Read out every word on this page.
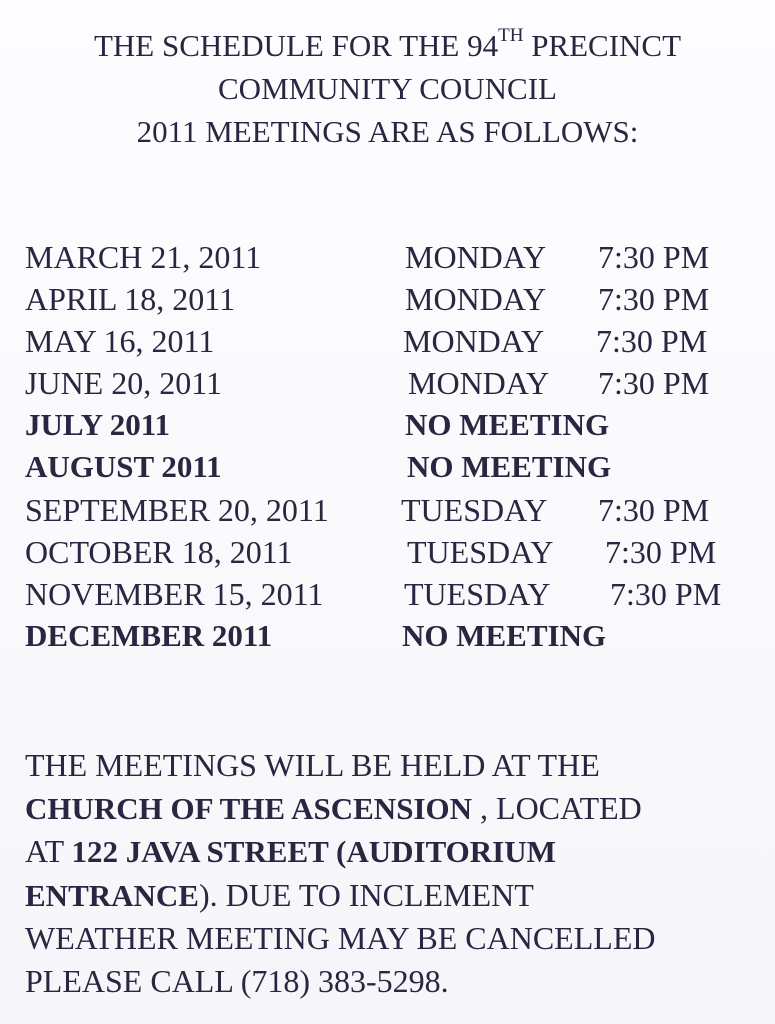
THE SCHEDULE FOR THE 94TH PRECINCT
COMMUNITY COUNCIL
2011 MEETINGS ARE AS FOLLOWS:
MARCH 21, 2011	MONDAY 7:30 PM
APRIL 18, 2011	MONDAY 7:30 PM
MAY 16, 2011	MONDAY 7:30 PM
JUNE 20, 2011	MONDAY 7:30 PM
JULY 2011	NO MEETING
AUGUST 2011	NO MEETING
SEPTEMBER 20, 2011 TUESDAY 7:30 PM
OCTOBER 18, 2011	TUESDAY 7:30 PM
NOVEMBER 15, 2011	TUESDAY 7:30 PM
DECEMBER 2011	NO MEETING
THE MEETINGS WILL BE HELD AT THE
CHURCH OF THE ASCENSION , LOCATED
AT 122 JAVA STREET (AUDITORIUM
ENTRANCE). DUE TO INCLEMENT
WEATHER MEETING MAY BE CANCELLED
PLEASE CALL (718) 383-5298.
